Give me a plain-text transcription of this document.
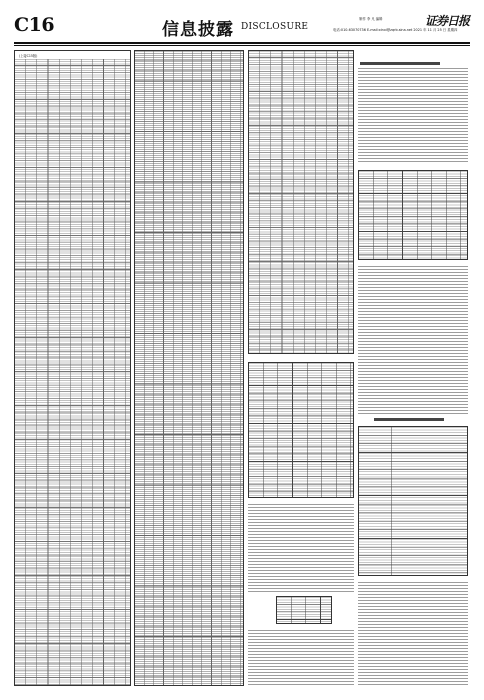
C16	信息披露 DISCLOSURE
制作 李 凡 编辑
电话:010-63070736 E-mail:xinxi@zqrb.sina.net 2021 年 11 月 25 日 星期四
证券日报
(上接C15版)
